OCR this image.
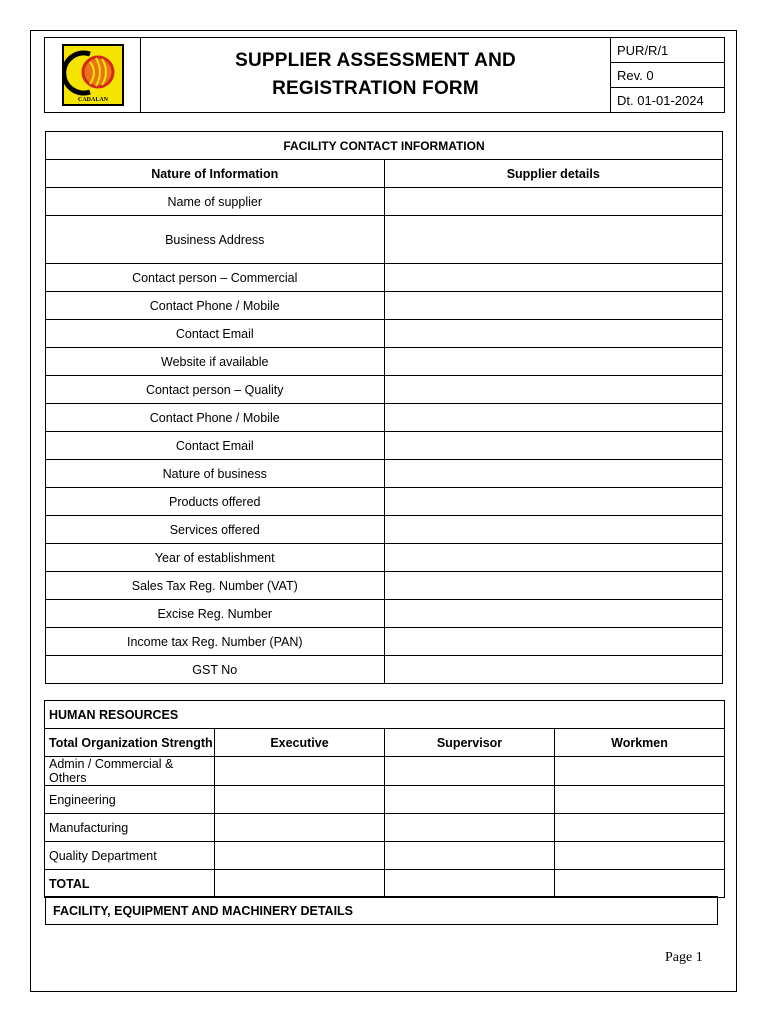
CADALAN

SUPPLIER ASSESSMENT AND
REGISTRATION FORM
	PUR/R/1
Rev. 0
Dt. 01-01-2024
FACILITY CONTACT INFORMATION	
Nature of Information	Supplier details
Name of supplier	
Business Address	
Contact person – Commercial	
Contact Phone / Mobile	
Contact Email	
Website if available	
Contact person – Quality	
Contact Phone / Mobile	
Contact Email	
Nature of business	
Products offered	
Services offered	
Year of establishment	
Sales Tax Reg. Number (VAT)	
Excise Reg. Number	
Income tax Reg. Number (PAN)	
GST No	
HUMAN RESOURCES			
Total Organization Strength	Executive	Supervisor	Workmen
Admin / Commercial & Others			
Engineering			
Manufacturing			
Quality Department			
TOTAL			
FACILITY, EQUIPMENT AND MACHINERY DETAILS
Page 1
